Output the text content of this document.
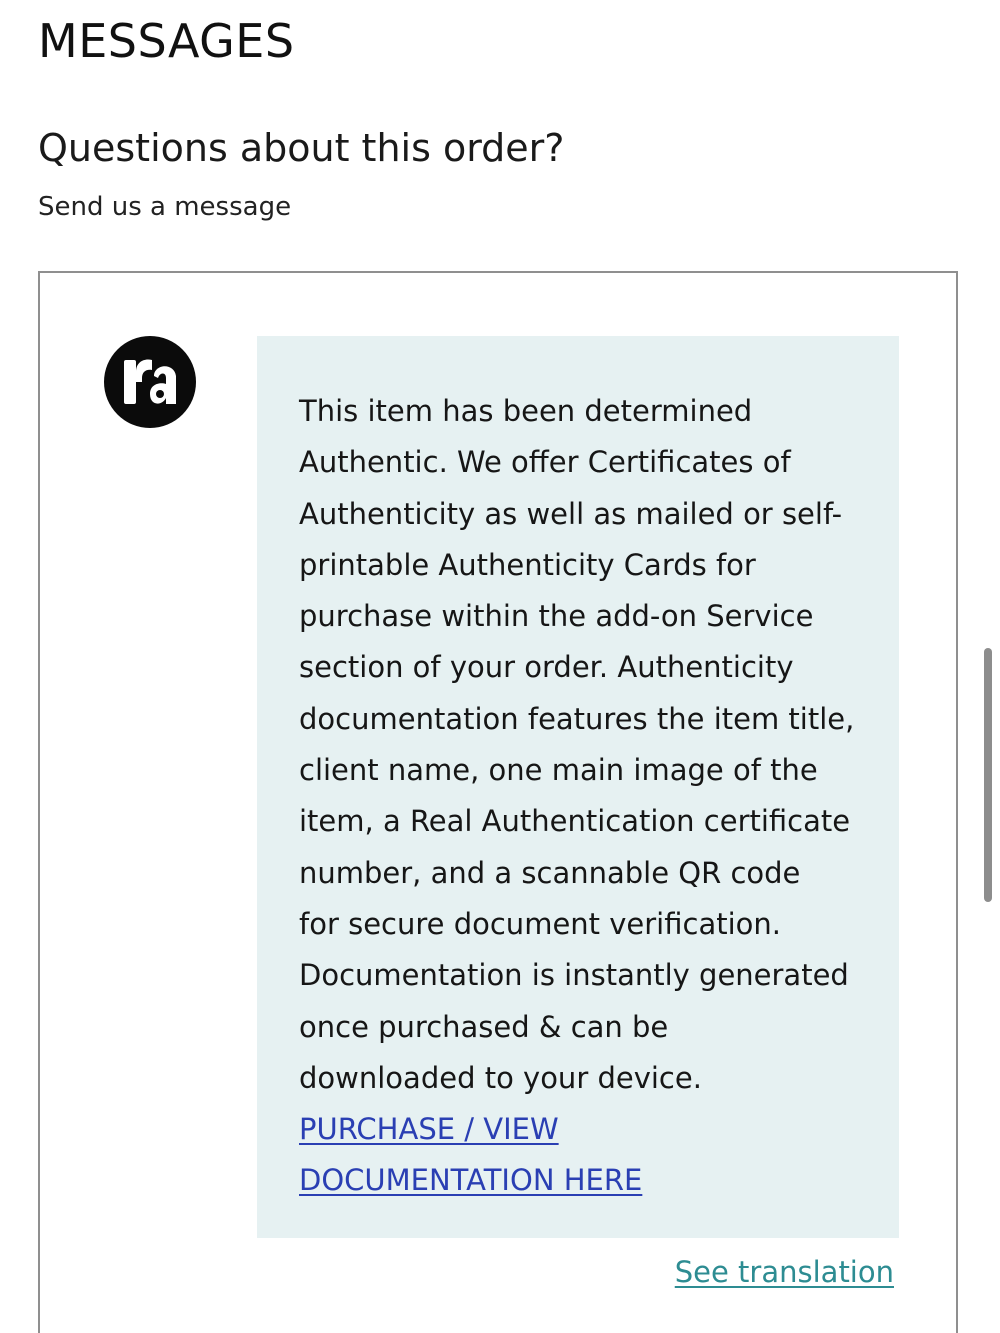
MESSAGES
Questions about this order?

Send us a message

This item has been determined
Authentic. We offer Certificates of
Authenticity as well as mailed or self-
printable Authenticity Cards for
purchase within the add-on Service
section of your order. Authenticity
documentation features the item title,
client name, one main image of the
item, a Real Authentication certificate
number, and a scannable QR code
for secure document verification.
Documentation is instantly generated
once purchased & can be
downloaded to your device.
PURCHASE / VIEW
DOCUMENTATION HERE
See translation
